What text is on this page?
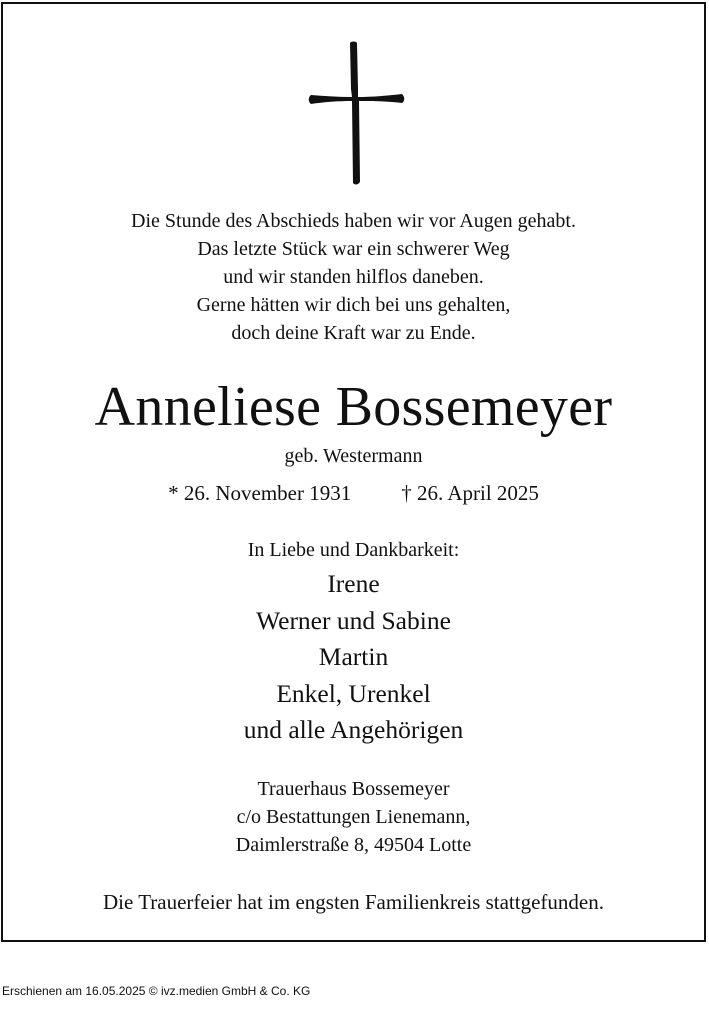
Die Stunde des Abschieds haben wir vor Augen gehabt.
Das letzte Stück war ein schwerer Weg
und wir standen hilflos daneben.
Gerne hätten wir dich bei uns gehalten,
doch deine Kraft war zu Ende.
Anneliese Bossemeyer
geb. Westermann
* 26. November 1931 † 26. April 2025
In Liebe und Dankbarkeit:
Irene
Werner und Sabine
Martin
Enkel, Urenkel
und alle Angehörigen
Trauerhaus Bossemeyer
c/o Bestattungen Lienemann,
Daimlerstraße 8, 49504 Lotte
Die Trauerfeier hat im engsten Familienkreis stattgefunden.
Erschienen am 16.05.2025 © ivz.medien GmbH & Co. KG
